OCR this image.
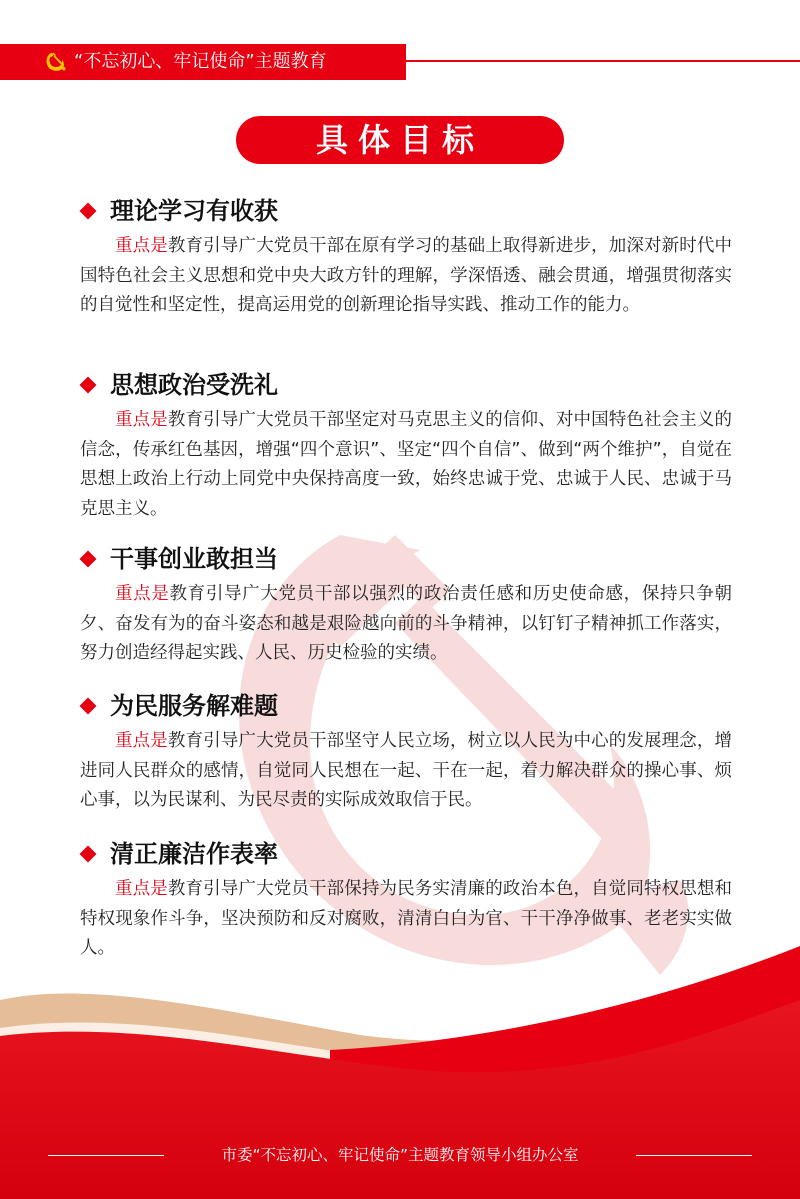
“不忘初心、牢记使命”主题教育
具体目标
理论学习有收获
重点是教育引导广大党员干部在原有学习的基础上取得新进步，加深对新时代中国特色社会主义思想和党中央大政方针的理解，学深悟透、融会贯通，增强贯彻落实的自觉性和坚定性，提高运用党的创新理论指导实践、推动工作的能力。
思想政治受洗礼
重点是教育引导广大党员干部坚定对马克思主义的信仰、对中国特色社会主义的信念，传承红色基因，增强“四个意识”、坚定“四个自信”、做到“两个维护”，自觉在思想上政治上行动上同党中央保持高度一致，始终忠诚于党、忠诚于人民、忠诚于马克思主义。
干事创业敢担当
重点是教育引导广大党员干部以强烈的政治责任感和历史使命感，保持只争朝夕、奋发有为的奋斗姿态和越是艰险越向前的斗争精神，以钉钉子精神抓工作落实，努力创造经得起实践、人民、历史检验的实绩。
为民服务解难题
重点是教育引导广大党员干部坚守人民立场，树立以人民为中心的发展理念，增进同人民群众的感情，自觉同人民想在一起、干在一起，着力解决群众的操心事、烦心事，以为民谋利、为民尽责的实际成效取信于民。
清正廉洁作表率
重点是教育引导广大党员干部保持为民务实清廉的政治本色，自觉同特权思想和特权现象作斗争，坚决预防和反对腐败，清清白白为官、干干净净做事、老老实实做人。
市委“不忘初心、牢记使命”主题教育领导小组办公室
